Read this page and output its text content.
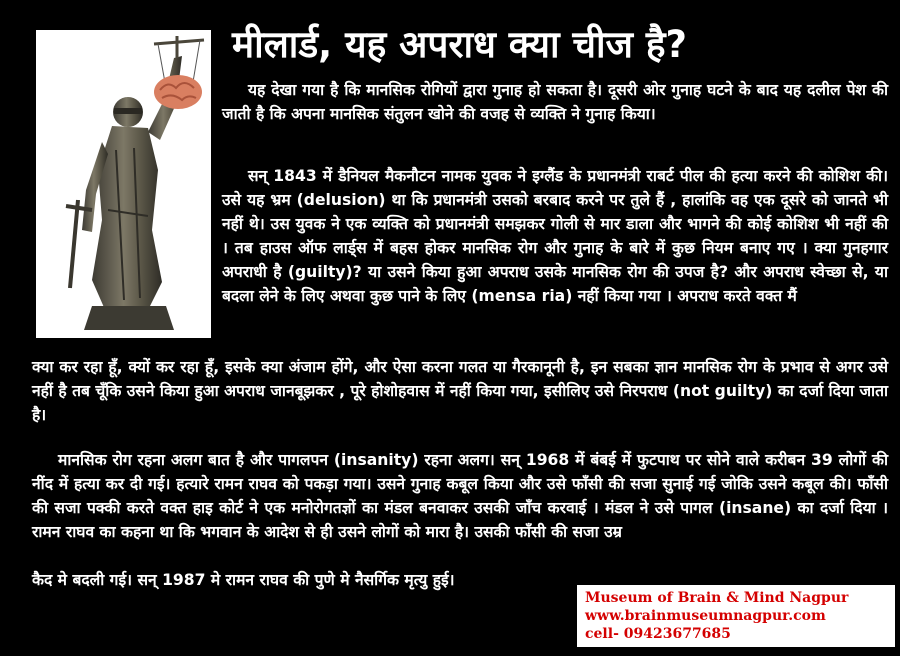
मीलार्ड, यह अपराध क्या चीज है?

यह देखा गया है कि मानसिक रोगियों द्वारा गुनाह हो सकता है। दूसरी ओर गुनाह घटने के बाद यह दलील पेश की जाती है कि अपना मानसिक संतुलन खोने की वजह से व्यक्ति ने गुनाह किया।

सन् 1843 में डैनियल मैकनौटन नामक युवक ने इग्लैंड के प्रधानमंत्री राबर्ट पील की हत्या करने की कोशिश की। उसे यह भ्रम (delusion) था कि प्रधानमंत्री उसको बरबाद करने पर तुले हैं , हालांकि वह एक दूसरे को जानते भी नहीं थे। उस युवक ने एक व्यक्ति को प्रधानमंत्री समझकर गोली से मार डाला और भागने की कोई कोशिश भी नहीं की । तब हाउस ऑफ लार्ड्स में बहस होकर मानसिक रोग और गुनाह के बारे में कुछ नियम बनाए गए । क्या गुनहगार अपराधी है (guilty)? या उसने किया हुआ अपराध उसके मानसिक रोग की उपज है? और अपराध स्वेच्छा से, या बदला लेने के लिए अथवा कुछ पाने के लिए (mensa ria) नहीं किया गया । अपराध करते वक्त मैं

क्या कर रहा हूँ, क्यों कर रहा हूँ, इसके क्या अंजाम होंगे, और ऐसा करना गलत या गैरकानूनी है, इन सबका ज्ञान मानसिक रोग के प्रभाव से अगर उसे नहीं है तब चूँकि उसने किया हुआ अपराध जानबूझकर , पूरे होशोहवास में नहीं किया गया, इसीलिए उसे निरपराध (not guilty) का दर्जा दिया जाता है।

मानसिक रोग रहना अलग बात है और पागलपन (insanity) रहना अलग। सन् 1968 में बंबई में फुटपाथ पर सोने वाले करीबन 39 लोगों की नींद में हत्या कर दी गई। हत्यारे रामन राघव को पकड़ा गया। उसने गुनाह कबूल किया और उसे फाँसी की सजा सुनाई गई जोकि उसने कबूल की। फाँसी की सजा पक्की करते वक्त हाइ कोर्ट ने एक मनोरोगतज्ञों का मंडल बनवाकर उसकी जाँच करवाई । मंडल ने उसे पागल (insane) का दर्जा दिया । रामन राघव का कहना था कि भगवान के आदेश से ही उसने लोगों को मारा है। उसकी फाँसी की सजा उम्र

कैद मे बदली गई। सन् 1987 मे रामन राघव की पुणे मे नैसर्गिक मृत्यु हुई।

Museum of Brain & Mind Nagpur
www.brainmuseumnagpur.com
cell- 09423677685
